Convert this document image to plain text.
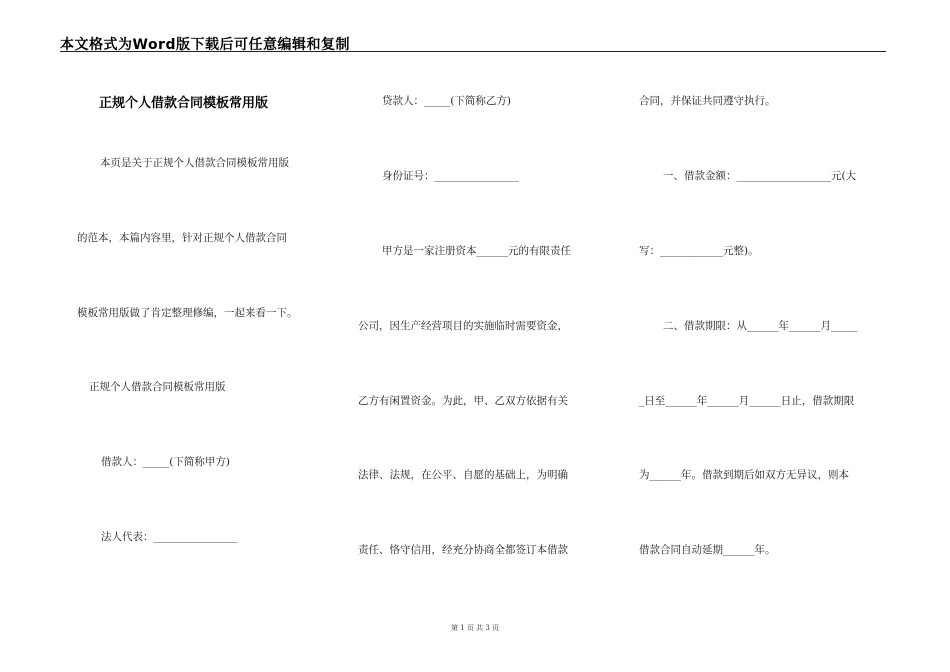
本文格式为Word版下载后可任意编辑和复制
正规个人借款合同模板常用版
本页是关于正规个人借款合同模板常用版
的范本，本篇内容里，针对正规个人借款合同
模板常用版做了肯定整理修编，一起来看一下。
正规个人借款合同模板常用版
借款人：_____(下简称甲方)
法人代表：________________
贷款人：_____(下简称乙方)
身份证号：________________
甲方是一家注册资本______元的有限责任
公司，因生产经营项目的实施临时需要资金，
乙方有闲置资金。为此，甲、乙双方依据有关
法律、法规，在公平、自愿的基础上，为明确
责任、恪守信用，经充分协商全都签订本借款
合同，并保证共同遵守执行。
一、借款金额：__________________元(大
写：____________元整)。
二、借款期限：从______年______月_____
_日至______年______月______日止，借款期限
为______年。借款到期后如双方无异议，则本
借款合同自动延期______年。
第 1 页 共 3 页
